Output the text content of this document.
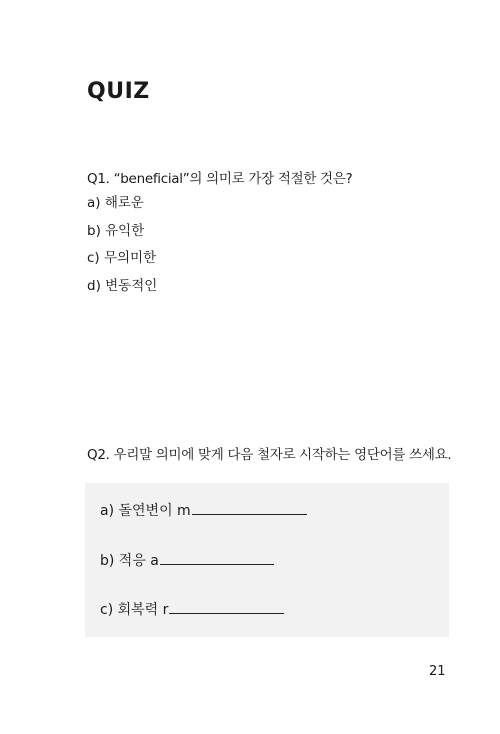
QUIZ

Q1. “beneficial”의 의미로 가장 적절한 것은?

a) 해로운
b) 유익한
c) 무의미한
d) 변동적인

Q2. 우리말 의미에 맞게 다음 철자로 시작하는 영단어를 쓰세요.

a) 돌연변이 m
b) 적응 a
c) 회복력 r
21
